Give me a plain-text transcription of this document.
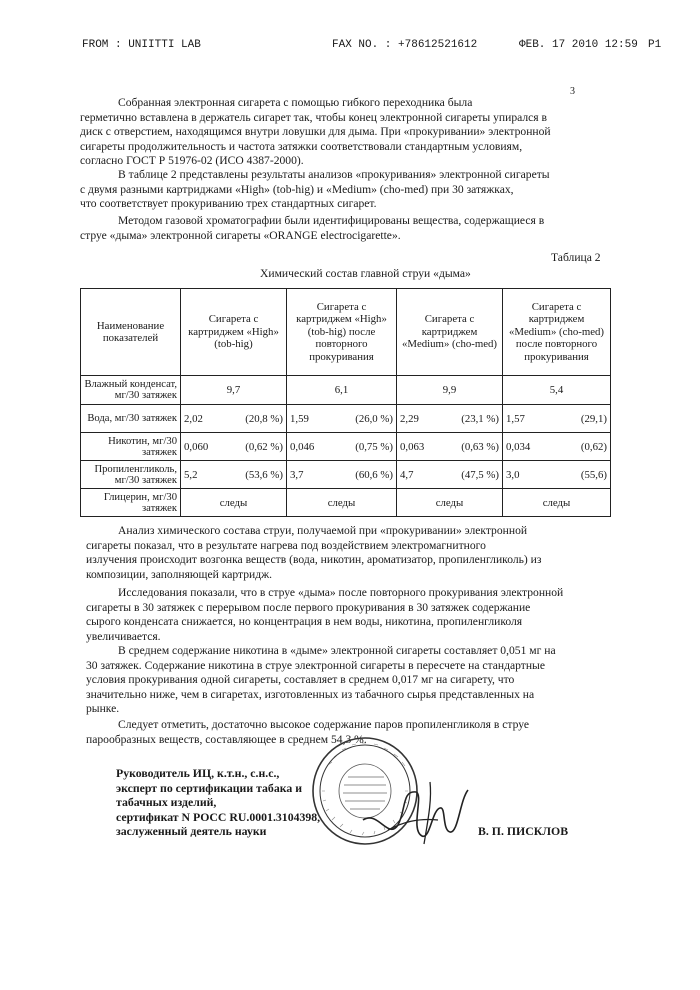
FROM : UNIITTI LAB	FAX NO. : +78612521612	ФЕВ. 17 2010 12:59 P1
3
Собранная электронная сигарета с помощью гибкого переходника была
герметично вставлена в держатель сигарет так, чтобы конец электронной сигареты упирался в
диск с отверстием, находящимся внутри ловушки для дыма. При «прокуривании» электронной
сигареты продолжительность и частота затяжки соответствовали стандартным условиям,
согласно ГОСТ Р 51976-02 (ИСО 4387-2000).
В таблице 2 представлены результаты анализов «прокуривания» электронной сигареты
с двумя разными картриджами «High» (tob-hig) и «Medium» (cho-med) при 30 затяжках,
что соответствует прокуриванию трех стандартных сигарет.
Методом газовой хроматографии были идентифицированы вещества, содержащиеся в
струе «дыма» электронной сигареты «ORANGE electrocigarette».
Таблица 2
Химический состав главной струи «дыма»
Наименование показателей	Сигарета с картриджем «High» (tob-hig)	Сигарета с картриджем «High» (tob-hig) после повторного прокуривания	Сигарета с картриджем «Medium» (cho-med)	Сигарета с картриджем «Medium» (cho-med) после повторного прокуривания
Влажный конденсат, мг/30 затяжек	9,7	6,1	9,9	5,4
Вода, мг/30 затяжек	2,02 (20,8 %)	1,59 (26,0 %)	2,29 (23,1 %)	1,57 (29,1)

Никотин, мг/30 затяжек	0,060 (0,62 %)	0,046 (0,75 %)	0,063 (0,63 %)	0,034 (0,62)

Пропиленгликоль, мг/30 затяжек	5,2 (53,6 %)	3,7 (60,6 %)	4,7 (47,5 %)	3,0 (55,6)

Глицерин, мг/30 затяжек	следы	следы	следы	следы
Анализ химического состава струи, получаемой при «прокуривании» электронной
сигареты показал, что в результате нагрева под воздействием электромагнитного
излучения происходит возгонка веществ (вода, никотин, ароматизатор, пропиленгликоль) из
композиции, заполняющей картридж.
Исследования показали, что в струе «дыма» после повторного прокуривания электронной
сигареты в 30 затяжек с перерывом после первого прокуривания в 30 затяжек содержание
сырого конденсата снижается, но концентрация в нем воды, никотина, пропиленгликоля
увеличивается.
В среднем содержание никотина в «дыме» электронной сигареты составляет 0,051 мг на
30 затяжек. Содержание никотина в струе электронной сигареты в пересчете на стандартные
условия прокуривания одной сигареты, составляет в среднем 0,017 мг на сигарету, что
значительно ниже, чем в сигаретах, изготовленных из табачного сырья представленных на
рынке.
Следует отметить, достаточно высокое содержание паров пропиленгликоля в струе
парообразных веществ, составляющее в среднем 54,3 %.
Руководитель ИЦ, к.т.н., с.н.с.,
эксперт по сертификации табака и
табачных изделий,
сертификат N POCC RU.0001.3104398,
заслуженный деятель науки	В. П. ПИСКЛОВ
